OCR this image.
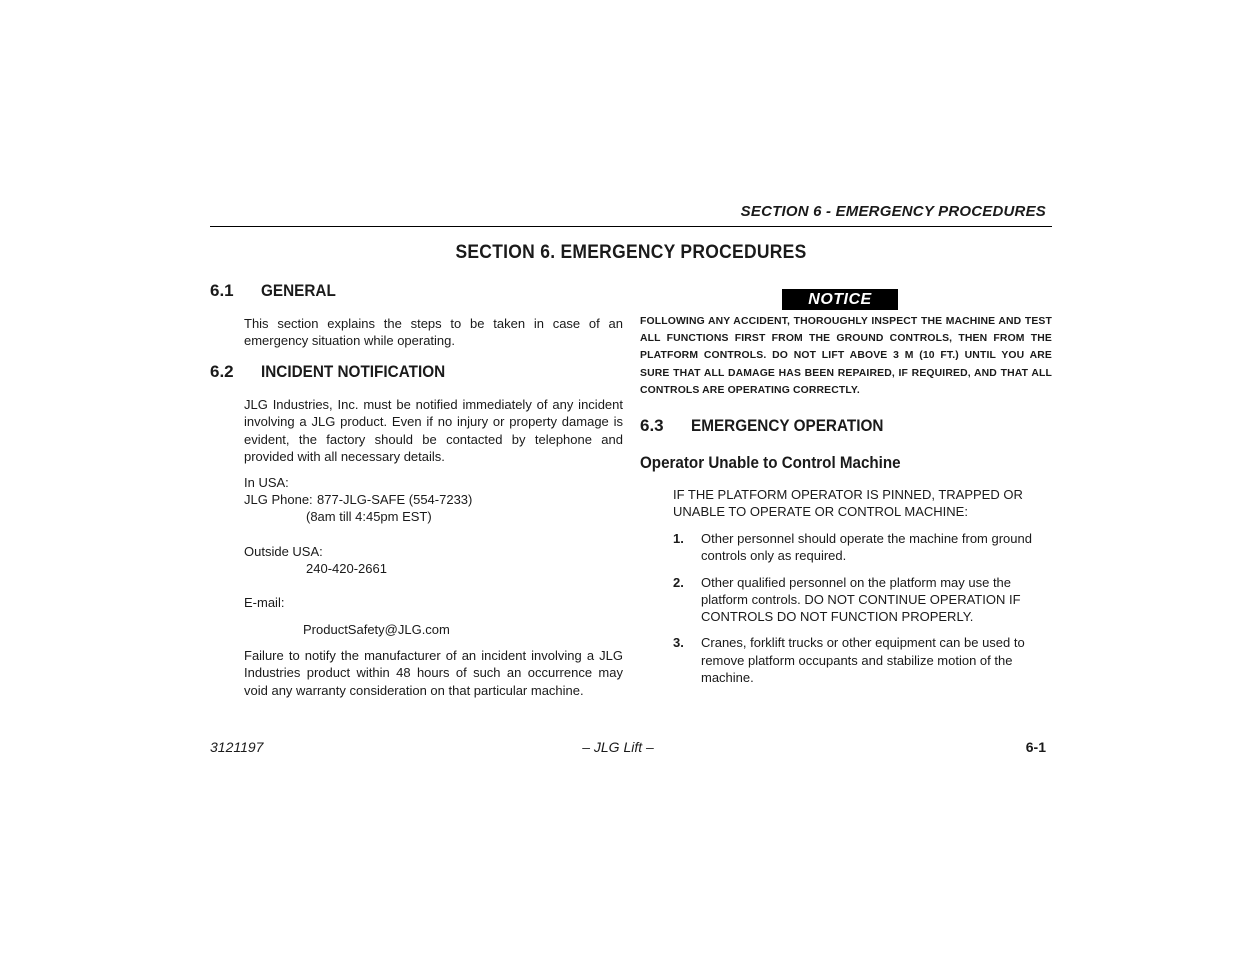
SECTION 6 - EMERGENCY PROCEDURES
SECTION 6. EMERGENCY PROCEDURES
6.1 GENERAL
This section explains the steps to be taken in case of an emergency situation while operating.
6.2 INCIDENT NOTIFICATION
JLG Industries, Inc. must be notified immediately of any incident involving a JLG product. Even if no injury or property damage is evident, the factory should be contacted by telephone and provided with all necessary details.
In USA:
JLG Phone: 877-JLG-SAFE (554-7233)
(8am till 4:45pm EST)
Outside USA:
240-420-2661
E-mail:
ProductSafety@JLG.com
Failure to notify the manufacturer of an incident involving a JLG Industries product within 48 hours of such an occurrence may void any warranty consideration on that particular machine.
NOTICE
FOLLOWING ANY ACCIDENT, THOROUGHLY INSPECT THE MACHINE AND TEST ALL FUNCTIONS FIRST FROM THE GROUND CONTROLS, THEN FROM THE PLATFORM CONTROLS. DO NOT LIFT ABOVE 3 M (10 FT.) UNTIL YOU ARE SURE THAT ALL DAMAGE HAS BEEN REPAIRED, IF REQUIRED, AND THAT ALL CONTROLS ARE OPERATING CORRECTLY.
6.3 EMERGENCY OPERATION
Operator Unable to Control Machine
IF THE PLATFORM OPERATOR IS PINNED, TRAPPED OR UNABLE TO OPERATE OR CONTROL MACHINE:
1.	Other personnel should operate the machine from ground controls only as required.
2.	Other qualified personnel on the platform may use the platform controls. DO NOT CONTINUE OPERATION IF CONTROLS DO NOT FUNCTION PROPERLY.
3.	Cranes, forklift trucks or other equipment can be used to remove platform occupants and stabilize motion of the machine.
3121197	– JLG Lift –	6-1
